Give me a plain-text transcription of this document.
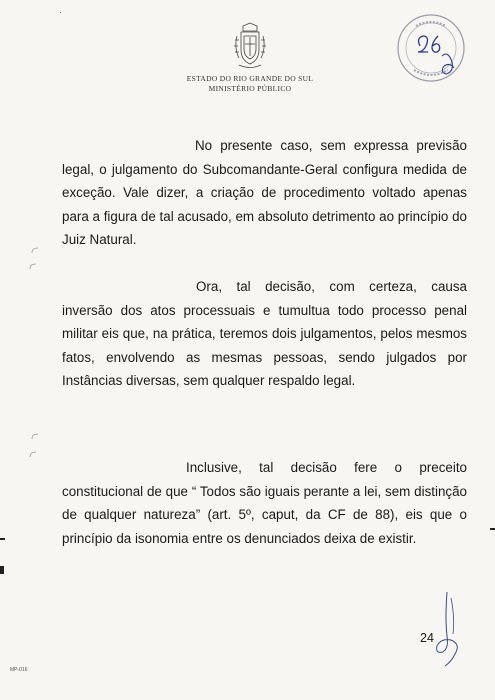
ESTADO DO RIO GRANDE DO SUL
MINISTÉRIO PÚBLICO

No presente caso, sem expressa previsão legal, o julgamento do Subcomandante-Geral configura medida de exceção. Vale dizer, a criação de procedimento voltado apenas para a figura de tal acusado, em absoluto detrimento ao princípio do Juiz Natural.

Ora, tal decisão, com certeza, causa inversão dos atos processuais e tumultua todo processo penal militar eis que, na prática, teremos dois julgamentos, pelos mesmos fatos, envolvendo as mesmas pessoas, sendo julgados por Instâncias diversas, sem qualquer respaldo legal.

Inclusive, tal decisão fere o preceito constitucional de que “ Todos são iguais perante a lei, sem distinção de qualquer natureza” (art. 5º, caput, da CF de 88), eis que o princípio da isonomia entre os denunciados deixa de existir.

24
MP-016
